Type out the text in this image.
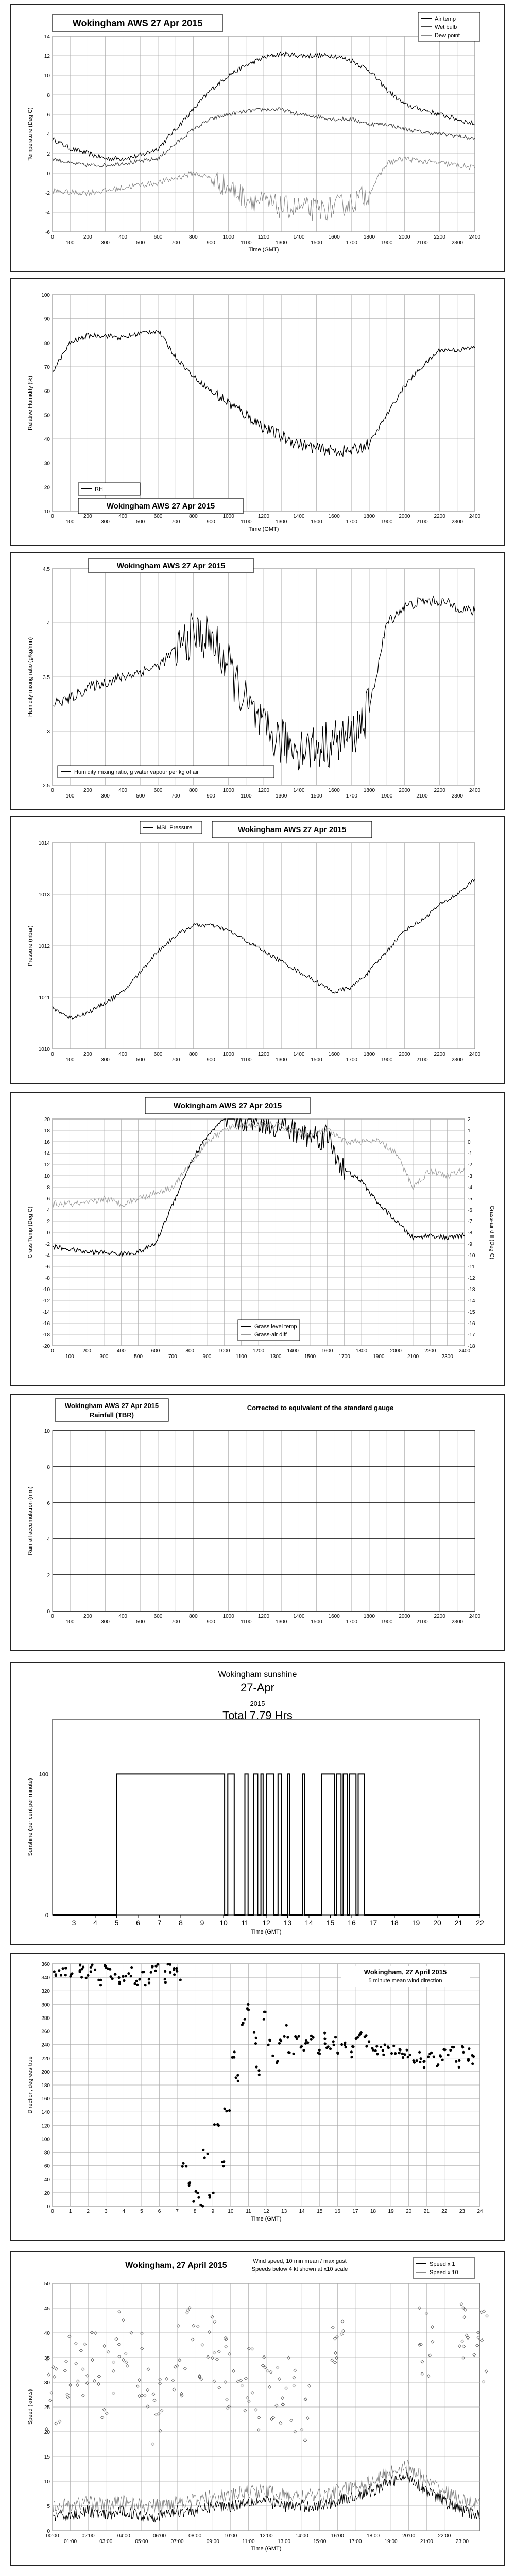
0
100
200
300
400
500
600
700
800
900
1000
1100
1200
1300
1400
1500
1600
1700
1800
1900
2000
2100
2200
2300
2400
-6
-4
-2
0
2
4
6
8
10
12
14
Temperature (Deg C)
Time (GMT)
Wokingham AWS 27 Apr 2015	Air temp
Wet bulb
Dew point
0
100
200
300
400
500
600
700
800
900
1000
1100
1200
1300
1400
1500
1600
1700
1800
1900
2000
2100
2200
2300
2400
10
20
30
40
50
60
70
80
90
100
Relative Humidity (%)
Time (GMT)
RH
Wokingham AWS 27 Apr 2015
0
100
200
300
400
500
600
700
800
900
1000
1100
1200
1300
1400
1500
1600
1700
1800
1900
2000
2100
2200
2300
2400
2.5
3
3.5
4
4.5
Humidity mixing ratio (g/kg/min)
Wokingham AWS 27 Apr 2015
Humidity mixing ratio, g water vapour per kg of air
0
100
200
300
400
500
600
700
800
900
1000
1100
1200
1300
1400
1500
1600
1700
1800
1900
2000
2100
2200
2300
2400
1010
1011
1012
1013
1014
Pressure (mbar)
MSL Pressure	Wokingham AWS 27 Apr 2015
0
100
200
300
400
500
600
700
800
900
1000
1100
1200
1300
1400
1500
1600
1700
1800
1900
2000
2100
2200
2300
2400
-20
-18
-16
-14
-12
-10
-8
-6
-4
-2
0
2
4
6
8
10
12
14
16
18
20
Grass Temp (Deg C)
-18
-17
-16
-15
-14
-13
-12
-11
-10
-9
-8
-7
-6
-5
-4
-3
-2
-1
0
1
2
Grass-air diff (Deg C)
Wokingham AWS 27 Apr 2015
Grass level temp
Grass-air diff
0
100
200
300
400
500
600
700
800
900
1000
1100
1200
1300
1400
1500
1600
1700
1800
1900
2000
2100
2200
2300
2400
0
2
4
6
8
10
Rainfall accumulation (mm)
Wokingham AWS 27 Apr 2015
Rainfall (TBR)
Corrected to equivalent of the standard gauge
3 4 5 6 7 8 9 10 11 12 13 14 15 16 17 18 19 20 21 22
0
100
Sunshine (per cent per minute)
Time (GMT)
Wokingham sunshine
27-Apr
2015
Total 7.79 Hrs
0	1	2	3	4	5	6	7	8	9	10 11 12 13 14 15 16 17 18 19 20 21 22 23 24
0
20
40
60
80
100
120
140
160
180
200
220
240
260
280
300
320
340
360
Direction, degrees true
Time (GMT)
Wokingham, 27 April 2015
5 minute mean wind direction
00:00
01:00
02:00
03:00
04:00
05:00
06:00
07:00
08:00
09:00
10:00
11:00
12:00
13:00
14:00
15:00
16:00
17:00
18:00
19:00
20:00
21:00
22:00
23:00
0
5
10
15
20
25
30
35
40
45
50
Speed (knots)
Time (GMT)
Wokingham, 27 April 2015	Wind speed, 10 min mean / max gust
Speeds below 4 kt shown at x10 scale
Speed x 1
Speed x 10
